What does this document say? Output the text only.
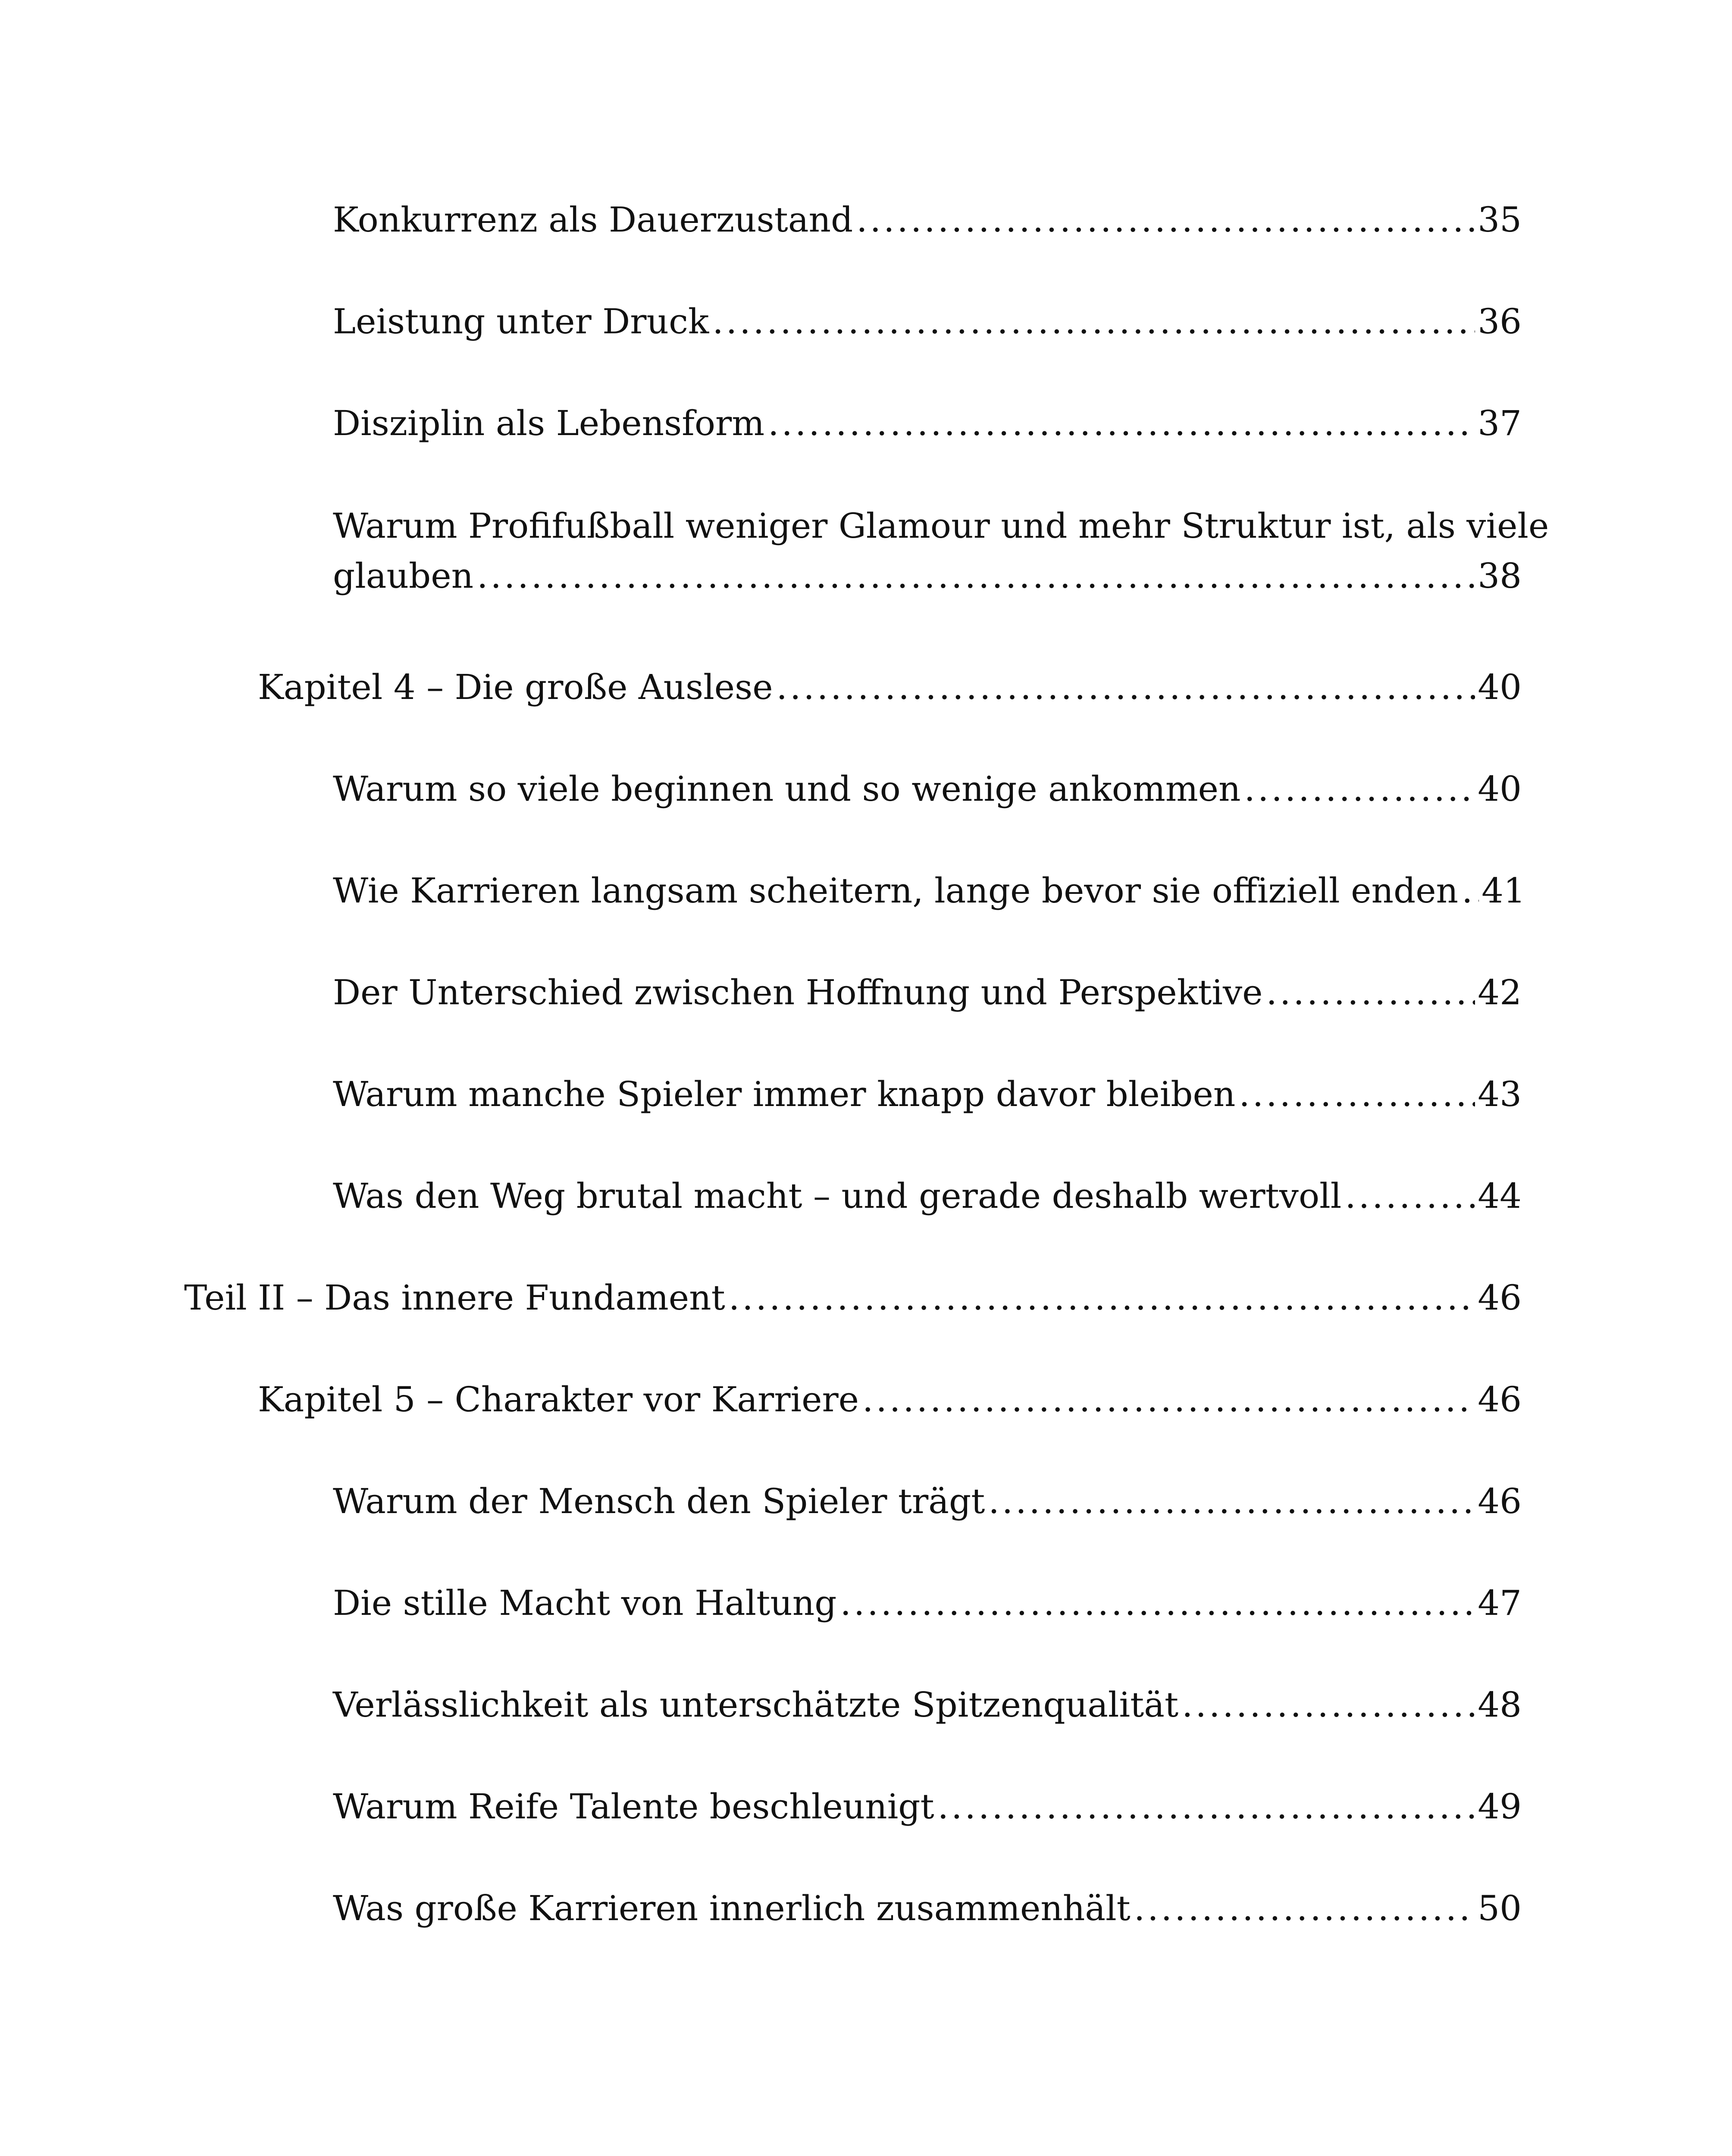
Konkurrenz als Dauerzustand .....	35
Leistung unter Druck .....	36
Disziplin als Lebensform .....	37
Warum Profifußball weniger Glamour und mehr Struktur ist, als viele
glauben .....	38
Kapitel 4 – Die große Auslese .....	40
Warum so viele beginnen und so wenige ankommen .....	40
Wie Karrieren langsam scheitern, lange bevor sie offiziell enden ..... 41
Der Unterschied zwischen Hoffnung und Perspektive .....	42
Warum manche Spieler immer knapp davor bleiben .....	43
Was den Weg brutal macht – und gerade deshalb wertvoll .....	44
Teil II – Das innere Fundament .....	46
Kapitel 5 – Charakter vor Karriere .....	46
Warum der Mensch den Spieler trägt .....	46
Die stille Macht von Haltung .....	47
Verlässlichkeit als unterschätzte Spitzenqualität .....	48
Warum Reife Talente beschleunigt .....	49
Was große Karrieren innerlich zusammenhält .....	50
